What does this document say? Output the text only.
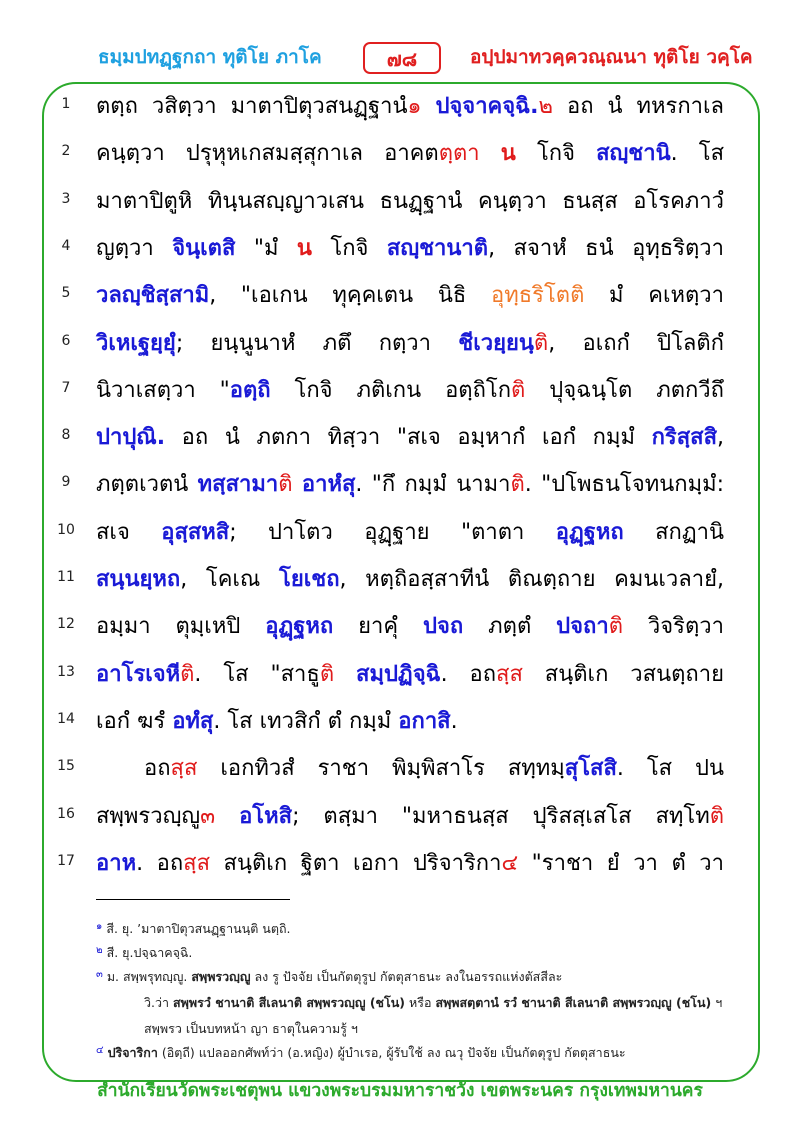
ธมฺมปทฏฺฐกถา ทุติโย ภาโค	๗๘	อปฺปมาทวคฺควณฺณนา ทุติโย วคฺโค
1	ตตฺถ วสิตฺวา มาตาปิตุวสนฏฺฐานํ๑ ปจฺจาคจฺฉิ.๒ อถ นํ ทหรกาเล
2	คนฺตฺวา ปรุหุหเกสมสฺสุกาเล อาคตตฺตา น โกจิ สญฺชานิ. โส
3	มาตาปิตูหิ ทินฺนสญฺญาวเสน ธนฏฺฐานํ คนฺตฺวา ธนสฺส อโรคภาวํ
4	ญตฺวา จินฺเตสิ "มํ น โกจิ สญฺชานาติ, สจาหํ ธนํ อุทฺธริตฺวา
5	วลญฺชิสฺสามิ, "เอเกน ทุคฺคเตน นิธิ อุทฺธริโตติ มํ คเหตฺวา
6	วิเหเฐยฺยุํ; ยนฺนูนาหํ ภตึ กตฺวา ชีเวยฺยนฺติ, อเถกํ ปิโลติกํ
7	นิวาเสตฺวา "อตฺถิ โกจิ ภติเกน อตฺถิโกติ ปุจฺฉนฺโต ภตกวีถึ
8	ปาปุณิ. อถ นํ ภตกา ทิสฺวา "สเจ อมฺหากํ เอกํ กมฺมํ กริสฺสสิ,
9	ภตฺตเวตนํ ทสฺสามาติ อาหํสุ. "กึ กมฺมํ นามาติ. "ปโพธนโจทนกมฺมํ:
10 สเจ อุสฺสหสิ; ปาโตว อุฏฺฐาย "ตาตา อุฏฺฐหถ สกฏานิ
11 สนฺนยฺหถ, โคเณ โยเชถ, หตฺถิอสฺสาทีนํ ติณตฺถาย คมนเวลายํ,
12 อมฺมา ตุมฺเหปิ อุฏฺฐหถ ยาคุํ ปจถ ภตฺตํ ปจถาติ วิจริตฺวา
13 อาโรเจหีติ. โส "สาธูติ สมฺปฏิจฺฉิ. อถสฺส สนฺติเก วสนตฺถาย
14 เอกํ ฆรํ อทํสุ. โส เทวสิกํ ตํ กมฺมํ อกาสิ.
15	อถสฺส เอกทิวสํ ราชา พิมฺพิสาโร สทฺทมฺสุโสสิ. โส ปน
16 สพฺพรวญฺญู๓ อโหสิ; ตสฺมา "มหาธนสฺส ปุริสสฺเสโส สทฺโทติ
17 อาห. อถสฺส สนฺติเก ฐิตา เอกา ปริจาริกา๔ "ราชา ยํ วา ตํ วา
$^๑$ สี. ยุ. ʼมาตาปิตุวสนฏฺฐานนฺติ นตฺถิ.
$^๒$ สี. ยุ.ปจฺฉาคจฺฉิ.
$^๓$ ม. สพฺพรุทญฺญู. สพฺพรวญฺญู ลง รู ปัจจัย เป็นกัตตุรูป กัตตุสาธนะ ลงในอรรถแห่งตัสสีละ
วิ.ว่า สพฺพรวํ ชานาติ สีเลนาติ สพฺพรวญฺญู (ชโน) หรือ สพฺพสตฺตานํ รวํ ชานาติ สีเลนาติ สพฺพรวญฺญู (ชโน) ฯ
สพฺพรว เป็นบทหน้า ญา ธาตุในความรู้ ฯ
$^๔$ ปริจาริกา (อิตฺถี) แปลออกศัพท์ว่า (อ.หญิง) ผู้บำเรอ, ผู้รับใช้ ลง ณวุ ปัจจัย เป็นกัตตุรูป กัตตุสาธนะ
สำนักเรียนวัดพระเชตุพน แขวงพระบรมมหาราชวัง เขตพระนคร กรุงเทพมหานคร
